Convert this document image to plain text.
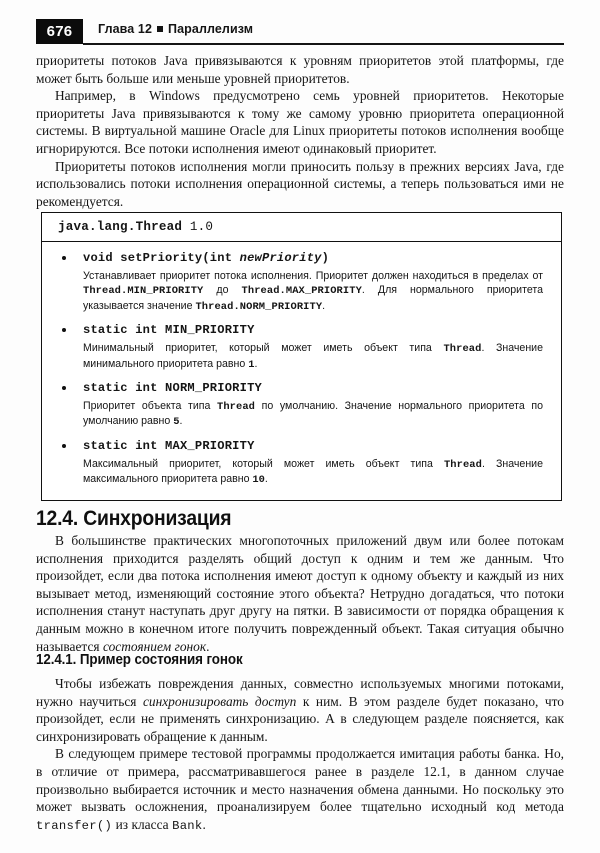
676	Глава 12 Параллелизм

приоритеты потоков Java привязываются к уровням приоритетов этой платформы, где может быть больше или меньше уровней приоритетов.

Например, в Windows предусмотрено семь уровней приоритетов. Некоторые приоритеты Java привязываются к тому же самому уровню приоритета операционной системы. В виртуальной машине Oracle для Linux приоритеты потоков исполнения вообще игнорируются. Все потоки исполнения имеют одинаковый приоритет.

Приоритеты потоков исполнения могли приносить пользу в прежних версиях Java, где использовались потоки исполнения операционной системы, а теперь пользоваться ими не рекомендуется.

java.lang.Thread 1.0
void setPriority(int newPriority)
Устанавливает приоритет потока исполнения. Приоритет должен находиться в пределах от Thread.MIN_PRIORITY до Thread.MAX_PRIORITY. Для нормального приоритета указывается значение Thread.NORM_PRIORITY.
static int MIN_PRIORITY
Минимальный приоритет, который может иметь объект типа Thread. Значение минимального приоритета равно 1.
static int NORM_PRIORITY
Приоритет объекта типа Thread по умолчанию. Значение нормального приоритета по умолчанию равно 5.
static int MAX_PRIORITY
Максимальный приоритет, который может иметь объект типа Thread. Значение максимального приоритета равно 10.
12.4. Синхронизация

В большинстве практических многопоточных приложений двум или более потокам исполнения приходится разделять общий доступ к одним и тем же данным. Что произойдет, если два потока исполнения имеют доступ к одному объекту и каждый из них вызывает метод, изменяющий состояние этого объекта? Нетрудно догадаться, что потоки исполнения станут наступать друг другу на пятки. В зависимости от порядка обращения к данным можно в конечном итоге получить поврежденный объект. Такая ситуация обычно называется состоянием гонок.

12.4.1. Пример состояния гонок

Чтобы избежать повреждения данных, совместно используемых многими потоками, нужно научиться синхронизировать доступ к ним. В этом разделе будет показано, что произойдет, если не применять синхронизацию. А в следующем разделе поясняется, как синхронизировать обращение к данным.

В следующем примере тестовой программы продолжается имитация работы банка. Но, в отличие от примера, рассматривавшегося ранее в разделе 12.1, в данном случае произвольно выбирается источник и место назначения обмена данными. Но поскольку это может вызвать осложнения, проанализируем более тщательно исходный код метода transfer() из класса Bank.
